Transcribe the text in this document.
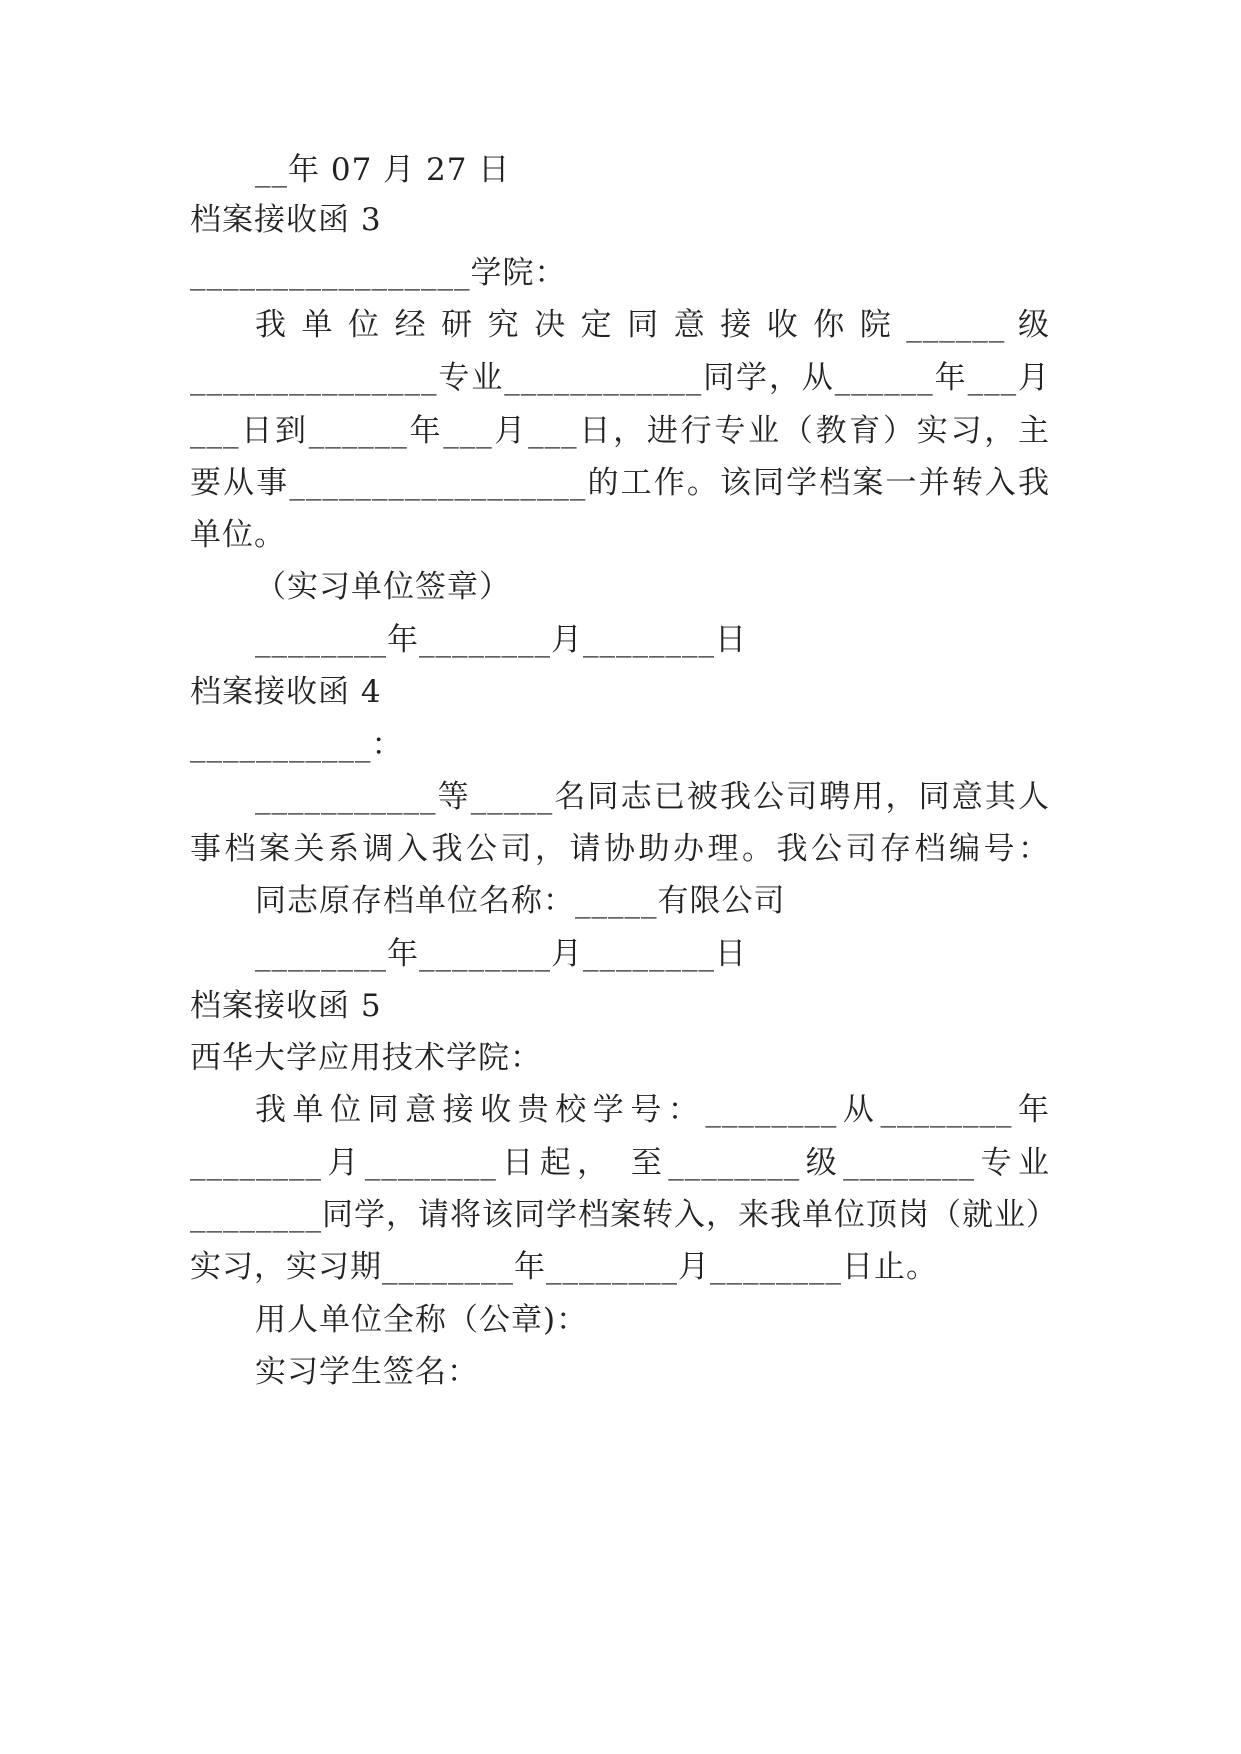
__年 07 月 27 日
档案接收函 3
_________________学院：
我 单 位 经 研 究 决 定 同 意 接 收 你 院 ______ 级
_______________专业____________同学，从______年___月
___日到______年___月___日，进行专业（教育）实习，主
要从事__________________的工作。该同学档案一并转入我
单位。
（实习单位签章）
________年________月________日
档案接收函 4
___________：
___________等_____名同志已被我公司聘用，同意其人
事档案关系调入我公司，请协助办理。我公司存档编号：
同志原存档单位名称：_____有限公司
________年________月________日
档案接收函 5
西华大学应用技术学院：
我单位同意接收贵校学号：________从________年
________月________日起， 至________级________专业
________同学，请将该同学档案转入，来我单位顶岗（就业）
实习，实习期________年________月________日止。
用人单位全称（公章)：
实习学生签名：
